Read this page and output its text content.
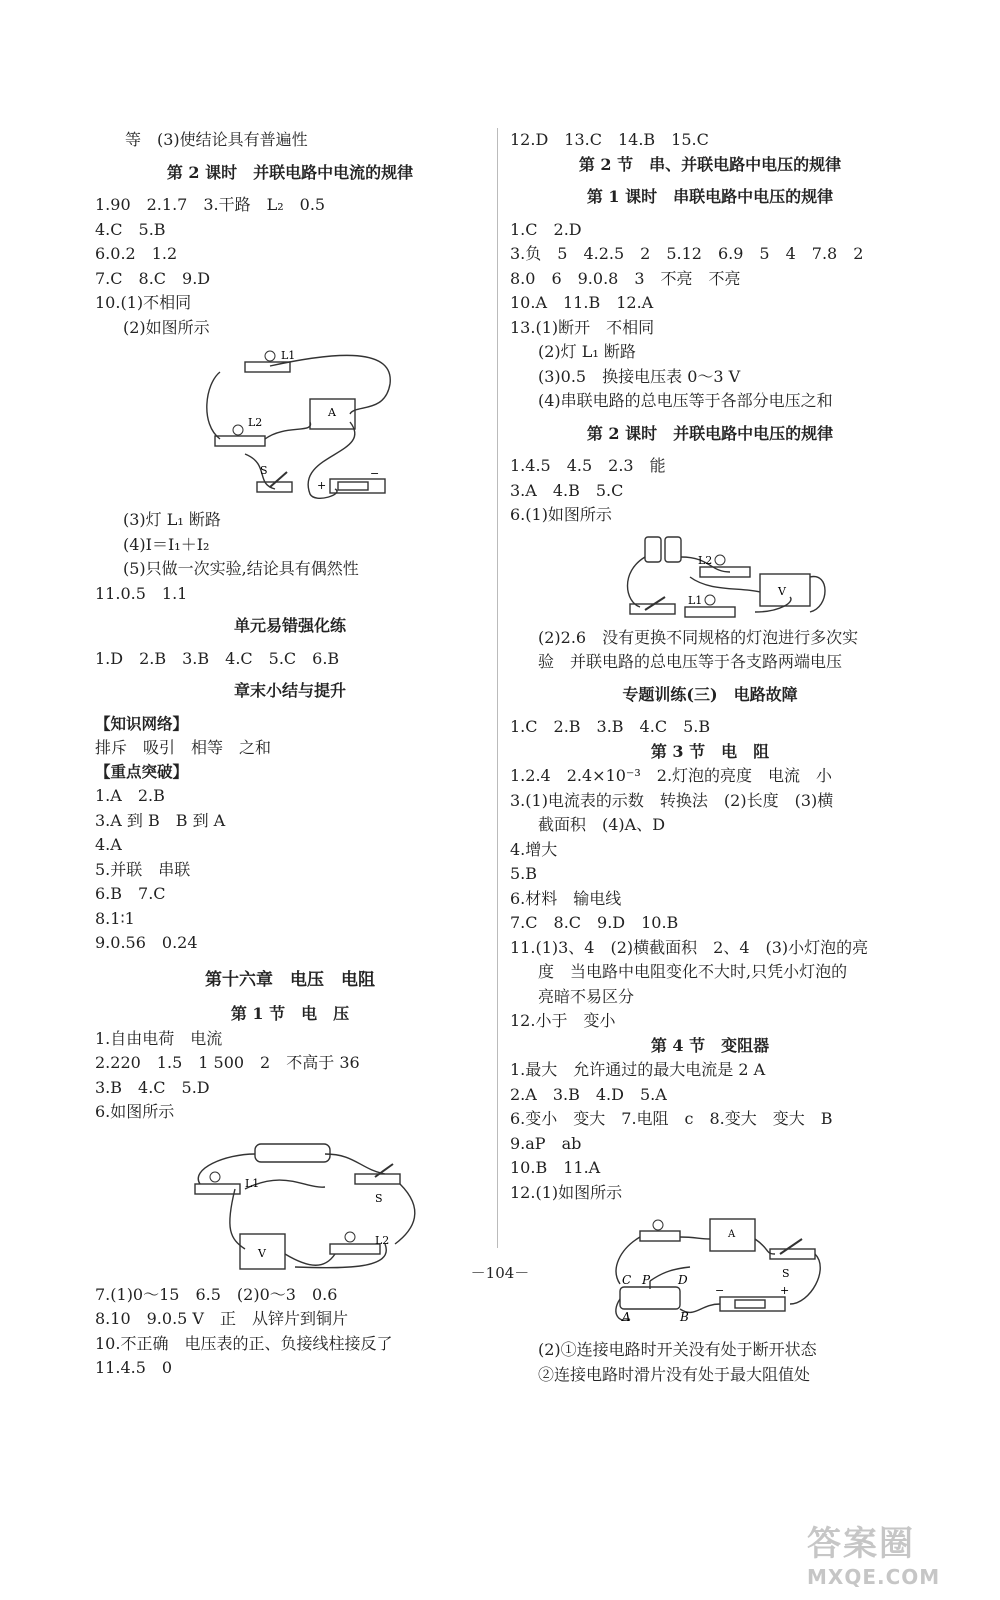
等　(3)使结论具有普遍性
第 2 课时　并联电路中电流的规律
1.90　2.1.7　3.干路　L₂　0.5
4.C　5.B
6.0.2　1.2
7.C　8.C　9.D
10.(1)不相同
(2)如图所示
L1
L2
A
S
+
−
(3)灯 L₁ 断路
(4)I＝I₁＋I₂
(5)只做一次实验,结论具有偶然性
11.0.5　1.1
单元易错强化练
1.D　2.B　3.B　4.C　5.C　6.B
章末小结与提升
【知识网络】
排斥　吸引　相等　之和
【重点突破】
1.A　2.B
3.A 到 B　B 到 A
4.A
5.并联　串联
6.B　7.C
8.1∶1
9.0.56　0.24
第十六章　电压　电阻
第 1 节　电　压
1.自由电荷　电流
2.220　1.5　1 500　2　不高于 36
3.B　4.C　5.D
6.如图所示
L1
L2
V
S
7.(1)0～15　6.5　(2)0～3　0.6
8.10　9.0.5 V　正　从锌片到铜片
10.不正确　电压表的正、负接线柱接反了
11.4.5　0
12.D　13.C　14.B　15.C
第 2 节　串、并联电路中电压的规律
第 1 课时　串联电路中电压的规律
1.C　2.D
3.负　5　4.2.5　2　5.12　6.9　5　4　7.8　2
8.0　6　9.0.8　3　不亮　不亮
10.A　11.B　12.A
13.(1)断开　不相同
(2)灯 L₁ 断路
(3)0.5　换接电压表 0～3 V
(4)串联电路的总电压等于各部分电压之和
第 2 课时　并联电路中电压的规律
1.4.5　4.5　2.3　能
3.A　4.B　5.C
6.(1)如图所示
L2
L1
V
(2)2.6　没有更换不同规格的灯泡进行多次实
验　并联电路的总电压等于各支路两端电压
专题训练(三)　电路故障
1.C　2.B　3.B　4.C　5.B
第 3 节　电　阻
1.2.4　2.4×10⁻³　2.灯泡的亮度　电流　小
3.(1)电流表的示数　转换法　(2)长度　(3)横
截面积　(4)A、D
4.增大
5.B
6.材料　输电线
7.C　8.C　9.D　10.B
11.(1)3、4　(2)横截面积　2、4　(3)小灯泡的亮
度　当电路中电阻变化不大时,只凭小灯泡的
亮暗不易区分
12.小于　变小
第 4 节　变阻器
1.最大　允许通过的最大电流是 2 A
2.A　3.B　4.D　5.A
6.变小　变大　7.电阻　c　8.变大　变大　B
9.aP　ab
10.B　11.A
12.(1)如图所示
C P D
A	B
S
A
−	+
(2)①连接电路时开关没有处于断开状态
②连接电路时滑片没有处于最大阻值处
－104－
答案圈
MXQE.COM
